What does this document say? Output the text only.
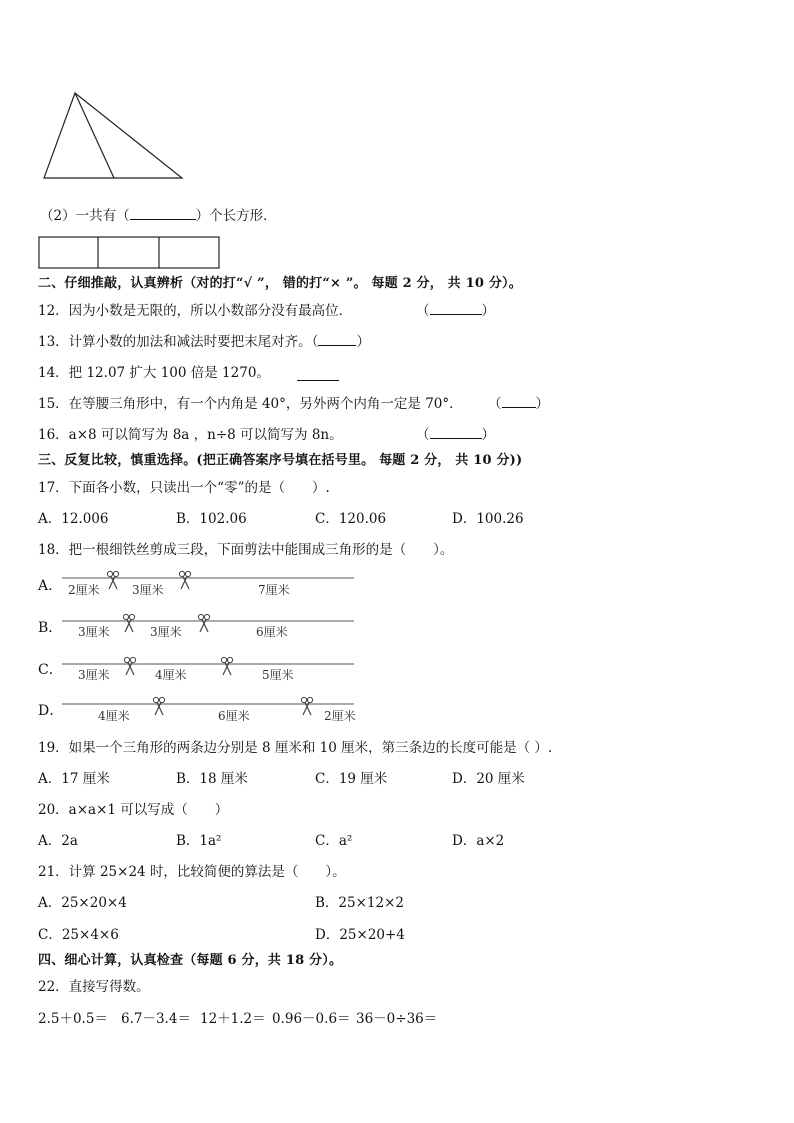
（2）一共有（	）个长方形．
二、仔细推敲，认真辨析（对的打“√ ”， 错的打“× ”。 每题 2 分， 共 10 分）。
12．因为小数是无限的，所以小数部分没有最高位．	（	）
13．计算小数的加法和减法时要把末尾对齐。（	）
14．把 12.07 扩大 100 倍是 1270。
15．在等腰三角形中，有一个内角是 40°，另外两个内角一定是 70°． （	）
16．a×8 可以简写为 8a ，n÷8 可以简写为 8n。	（	）
三、反复比较，慎重选择。(把正确答案序号填在括号里。 每题 2 分， 共 10 分))
17．下面各小数，只读出一个“零”的是（　　）.
A．12.006	B．102.06	C．120.06	D．100.26
18．把一根细铁丝剪成三段，下面剪法中能围成三角形的是（　　）。
A． 2厘米	3厘米	7厘米
B． 3厘米	3厘米	6厘米
C． 3厘米	4厘米	5厘米
D．	4厘米	6厘米	2厘米
19．如果一个三角形的两条边分别是 8 厘米和 10 厘米，第三条边的长度可能是（ ）.
A．17 厘米	B．18 厘米	C．19 厘米	D．20 厘米
20．a×a×1 可以写成（　　）
A．2a	B．1a²	C．a²	D．a×2
21．计算 25×24 时，比较简便的算法是（　　）。
A．25×20×4	B．25×12×2
C．25×4×6	D．25×20+4
四、细心计算，认真检查（每题 6 分，共 18 分）。
22．直接写得数。
2.5＋0.5＝ 6.7－3.4＝ 12＋1.2＝ 0.96－0.6＝ 36－0÷36＝
